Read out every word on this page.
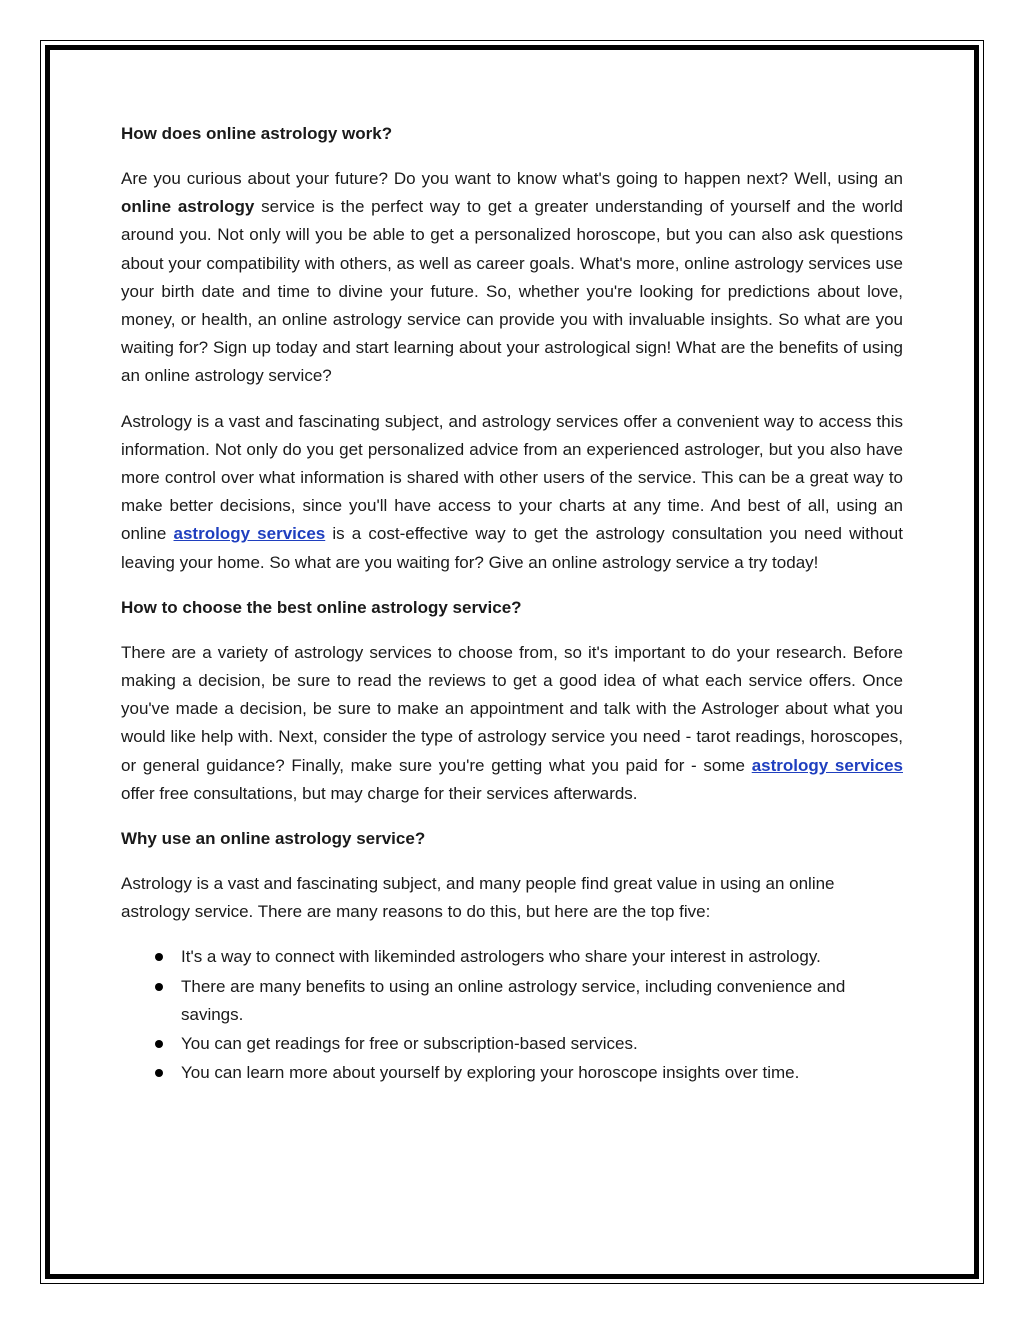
How does online astrology work?

Are you curious about your future? Do you want to know what's going to happen next? Well, using an online astrology service is the perfect way to get a greater understanding of yourself and the world around you. Not only will you be able to get a personalized horoscope, but you can also ask questions about your compatibility with others, as well as career goals. What's more, online astrology services use your birth date and time to divine your future. So, whether you're looking for predictions about love, money, or health, an online astrology service can provide you with invaluable insights. So what are you waiting for? Sign up today and start learning about your astrological sign! What are the benefits of using an online astrology service?

Astrology is a vast and fascinating subject, and astrology services offer a convenient way to access this information. Not only do you get personalized advice from an experienced astrologer, but you also have more control over what information is shared with other users of the service. This can be a great way to make better decisions, since you'll have access to your charts at any time. And best of all, using an online astrology services is a cost-effective way to get the astrology consultation you need without leaving your home. So what are you waiting for? Give an online astrology service a try today!

How to choose the best online astrology service?

There are a variety of astrology services to choose from, so it's important to do your research. Before making a decision, be sure to read the reviews to get a good idea of what each service offers. Once you've made a decision, be sure to make an appointment and talk with the Astrologer about what you would like help with. Next, consider the type of astrology service you need - tarot readings, horoscopes, or general guidance? Finally, make sure you're getting what you paid for - some astrology services offer free consultations, but may charge for their services afterwards.

Why use an online astrology service?

Astrology is a vast and fascinating subject, and many people find great value in using an online astrology service. There are many reasons to do this, but here are the top five:

It's a way to connect with likeminded astrologers who share your interest in astrology.
There are many benefits to using an online astrology service, including convenience and savings.
You can get readings for free or subscription-based services.
You can learn more about yourself by exploring your horoscope insights over time.
